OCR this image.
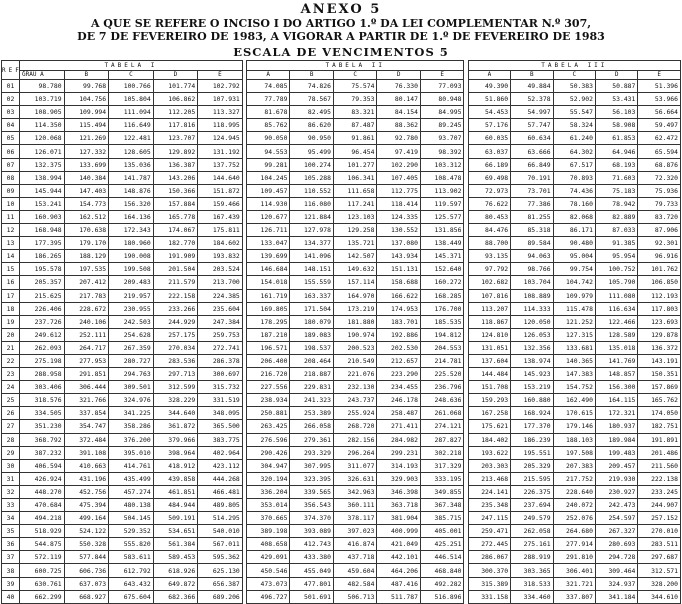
ANEXO 5
A QUE SE REFERE O INCISO I DO ARTIGO 1.º DA LEI COMPLEMENTAR N.º 307,
DE 7 DE FEVEREIRO DE 1983, A VIGORAR A PARTIR DE 1.º DE FEVEREIRO DE 1983
ESCALA DE VENCIMENTOS 5
REF.	TABELA I						TABELA II						TABELA III				
	GRAU A	B	C	D	E		A	B	C	D	E		A	B	C	D	E
01	98.780	99.768	100.766	101.774	102.792		74.085	74.826	75.574	76.330	77.093		49.390	49.884	50.383	50.887	51.396
02	103.719	104.756	105.804	106.862	107.931		77.789	78.567	79.353	80.147	80.948		51.860	52.378	52.902	53.431	53.966
03	108.905	109.994	111.094	112.205	113.327		81.678	82.495	83.321	84.154	84.995		54.453	54.997	55.547	56.103	56.664
04	114.350	115.494	116.649	117.816	118.995		85.762	86.620	87.487	88.362	89.245		57.176	57.747	58.324	58.908	59.497
05	120.068	121.269	122.481	123.707	124.945		90.050	90.950	91.861	92.780	93.707		60.035	60.634	61.240	61.853	62.472
06	126.071	127.332	128.605	129.892	131.192		94.553	95.499	96.454	97.419	98.392		63.037	63.666	64.302	64.946	65.594
07	132.375	133.699	135.036	136.387	137.752		99.281	100.274	101.277	102.290	103.312		66.189	66.849	67.517	68.193	68.876
08	138.994	140.384	141.787	143.206	144.640		104.245	105.288	106.341	107.405	108.478		69.498	70.191	70.893	71.603	72.320
09	145.944	147.403	148.876	150.366	151.872		109.457	110.552	111.658	112.775	113.902		72.973	73.701	74.436	75.183	75.936
10	153.241	154.773	156.320	157.884	159.466		114.930	116.080	117.241	118.414	119.597		76.622	77.386	78.160	78.942	79.733
11	160.903	162.512	164.136	165.778	167.439		120.677	121.884	123.103	124.335	125.577		80.453	81.255	82.068	82.889	83.720
12	168.948	170.638	172.343	174.067	175.811		126.711	127.978	129.258	130.552	131.856		84.476	85.318	86.171	87.033	87.906
13	177.395	179.170	180.960	182.770	184.602		133.047	134.377	135.721	137.080	138.449		88.700	89.584	90.480	91.385	92.301
14	186.265	188.129	190.008	191.909	193.832		139.699	141.096	142.507	143.934	145.371		93.135	94.063	95.004	95.954	96.916
15	195.578	197.535	199.508	201.504	203.524		146.684	148.151	149.632	151.131	152.640		97.792	98.766	99.754	100.752	101.762
16	205.357	207.412	209.483	211.579	213.700		154.018	155.559	157.114	158.688	160.272		102.682	103.704	104.742	105.790	106.850
17	215.625	217.783	219.957	222.158	224.385		161.719	163.337	164.970	166.622	168.285		107.816	108.889	109.979	111.080	112.193
18	226.406	228.672	230.955	233.266	235.604		169.805	171.504	173.219	174.953	176.700		113.207	114.333	115.478	116.634	117.803
19	237.726	240.106	242.503	244.929	247.384		178.295	180.079	181.880	183.701	185.535		118.867	120.050	121.252	122.466	123.693
20	249.612	252.111	254.628	257.175	259.753		187.210	189.083	190.974	192.886	194.812		124.810	126.053	127.315	128.589	129.878
21	262.093	264.717	267.359	270.034	272.741		196.571	198.537	200.523	202.530	204.553		131.051	132.356	133.681	135.018	136.372
22	275.198	277.953	280.727	283.536	286.378		206.400	208.464	210.549	212.657	214.781		137.604	138.974	140.365	141.769	143.191
23	288.958	291.851	294.763	297.713	300.697		216.720	218.887	221.076	223.290	225.520		144.484	145.923	147.383	148.857	150.351
24	303.406	306.444	309.501	312.599	315.732		227.556	229.831	232.130	234.455	236.796		151.708	153.219	154.752	156.300	157.869
25	318.576	321.766	324.976	328.229	331.519		238.934	241.323	243.737	246.178	248.636		159.293	160.880	162.490	164.115	165.762
26	334.505	337.854	341.225	344.640	348.095		250.881	253.389	255.924	258.487	261.068		167.258	168.924	170.615	172.321	174.050
27	351.230	354.747	358.286	361.872	365.500		263.425	266.058	268.720	271.411	274.121		175.621	177.370	179.146	180.937	182.751
28	368.792	372.484	376.200	379.966	383.775		276.596	279.361	282.156	284.982	287.827		184.402	186.239	188.103	189.984	191.891
29	387.232	391.108	395.010	398.964	402.964		290.426	293.329	296.264	299.231	302.218		193.622	195.551	197.508	199.483	201.486
30	406.594	410.663	414.761	418.912	423.112		304.947	307.995	311.077	314.193	317.329		203.303	205.329	207.383	209.457	211.560
31	426.924	431.196	435.499	439.858	444.268		320.194	323.395	326.631	329.903	333.195		213.468	215.595	217.752	219.930	222.138
32	448.270	452.756	457.274	461.851	466.481		336.204	339.565	342.963	346.398	349.855		224.141	226.375	228.640	230.927	233.245
33	470.684	475.394	480.138	484.944	489.805		353.014	356.543	360.111	363.718	367.348		235.348	237.694	240.072	242.473	244.907
34	494.218	499.164	504.145	509.191	514.295		370.665	374.370	378.117	381.904	385.715		247.115	249.579	252.076	254.597	257.152
35	518.929	524.122	529.352	534.651	540.010		389.198	393.089	397.023	400.999	405.001		259.471	262.058	264.680	267.327	270.010
36	544.875	550.328	555.820	561.384	567.011		408.658	412.743	416.874	421.049	425.251		272.445	275.161	277.914	280.693	283.511
37	572.119	577.844	583.611	589.453	595.362		429.091	433.380	437.718	442.101	446.514		286.067	288.919	291.810	294.728	297.687
38	600.725	606.736	612.792	618.926	625.130		450.546	455.049	459.604	464.206	468.840		300.370	303.365	306.401	309.464	312.571
39	630.761	637.073	643.432	649.872	656.387		473.073	477.801	482.584	487.416	492.282		315.389	318.533	321.721	324.937	328.200
40	662.299	668.927	675.604	682.366	689.206		496.727	501.691	506.713	511.787	516.896		331.158	334.460	337.807	341.184	344.610
